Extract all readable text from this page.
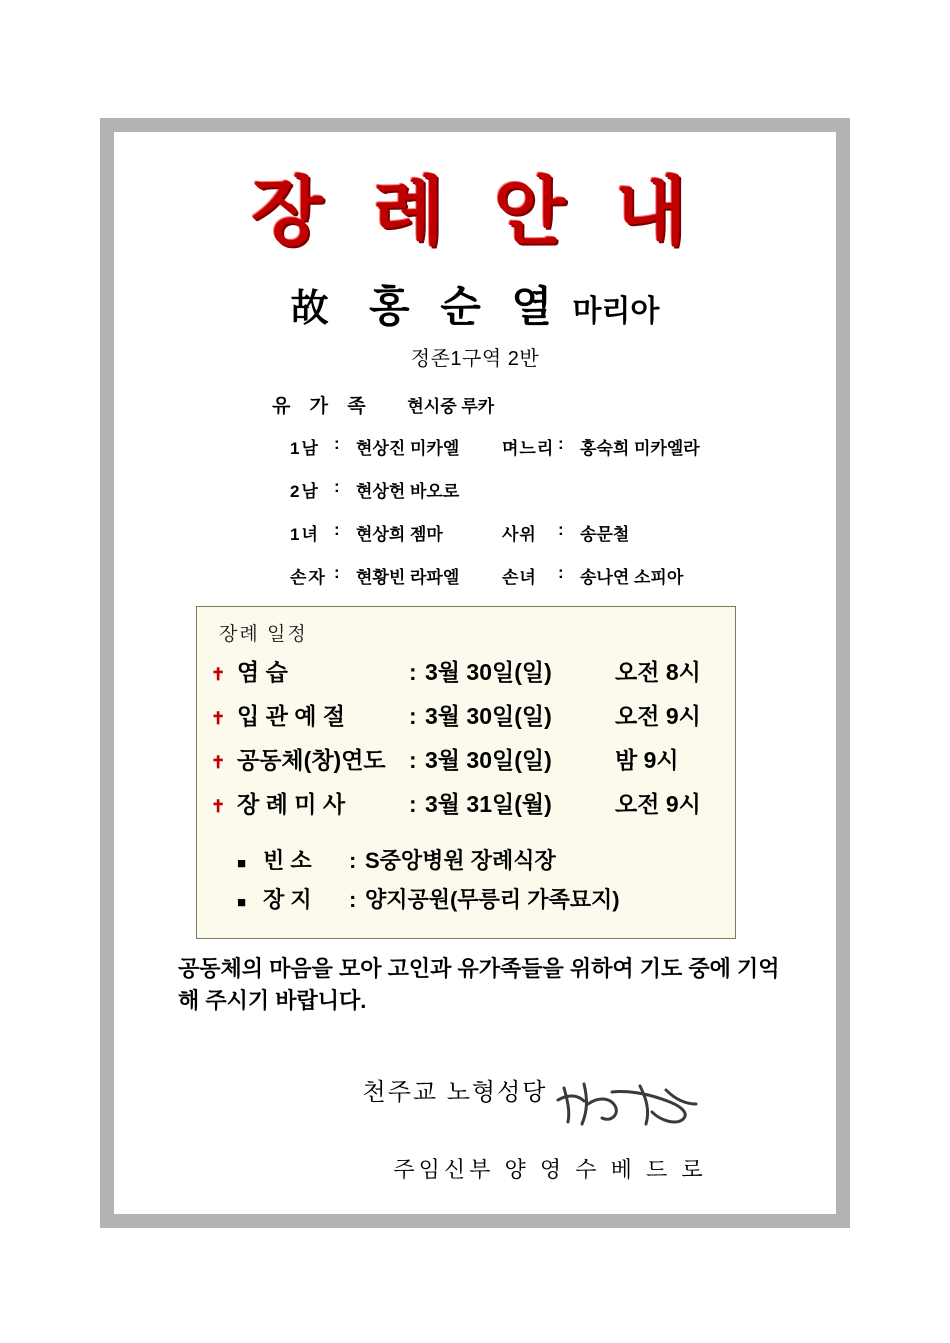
장 례 안 내
故 홍 순 열 마리아
정존1구역 2반
유 가 족 현시중 루카
1남 : 현상진 미카엘	며느리 : 홍숙희 미카엘라
2남 : 현상헌 바오로
1녀 : 현상희 젬마	사위	: 송문철
손자 : 현황빈 라파엘	손녀	: 송나연 소피아
장례 일정
✝ 염 습	: 3월 30일(일)	오전 8시
✝ 입 관 예 절	: 3월 30일(일)	오전 9시
✝ 공동체(창)연도	: 3월 30일(일)	밤 9시
✝ 장 례 미 사	: 3월 31일(월)	오전 9시
■ 빈 소	: S중앙병원 장례식장
■ 장 지	: 양지공원(무릉리 가족묘지)
공동체의 마음을 모아 고인과 유가족들을 위하여 기도 중에 기억해 주시기 바랍니다.
천주교 노형성당
주임신부 양 영 수 베 드 로
